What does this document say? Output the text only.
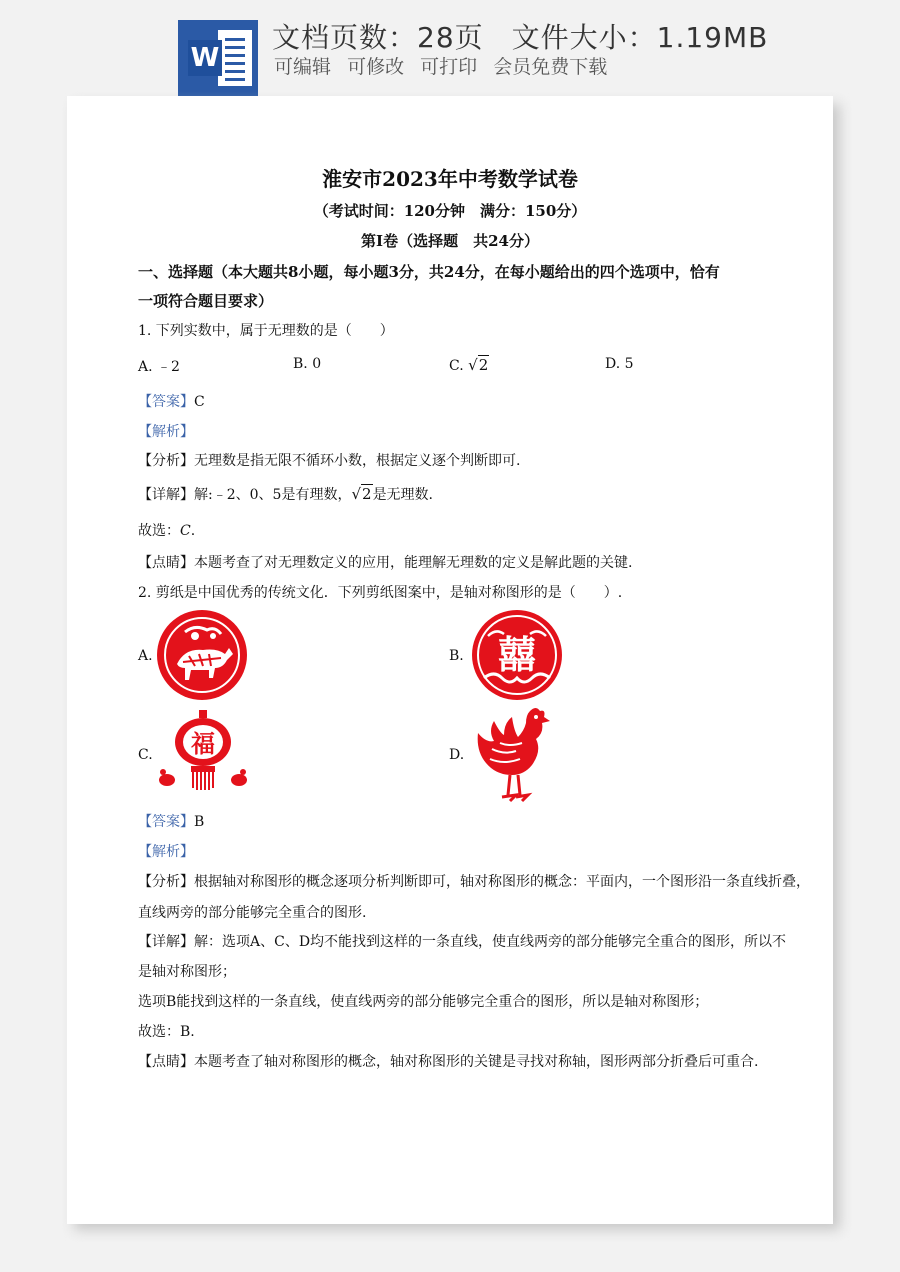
W
文档页数：28页 文件大小：1.19MB
可编辑 可修改 可打印 会员免费下载
淮安市2023年中考数学试卷
（考试时间：120分钟　满分：150分）
第Ⅰ卷（选择题　共24分）
一、选择题（本大题共8小题，每小题3分，共24分，在每小题给出的四个选项中，恰有
一项符合题目要求）
1. 下列实数中，属于无理数的是（　　）
A. ﹣2	B. 0	C. √2	D. 5
【答案】C
【解析】
【分析】无理数是指无限不循环小数，根据定义逐个判断即可.
【详解】解:﹣2、0、5是有理数，√2是无理数.
故选：C.
【点睛】本题考查了对无理数定义的应用，能理解无理数的定义是解此题的关键.
2. 剪纸是中国优秀的传统文化．下列剪纸图案中，是轴对称图形的是（　　）.
A.	B. 囍
C. 福	D.
【答案】B
【解析】
【分析】根据轴对称图形的概念逐项分析判断即可，轴对称图形的概念：平面内，一个图形沿一条直线折叠，
直线两旁的部分能够完全重合的图形.
【详解】解：选项A、C、D均不能找到这样的一条直线，使直线两旁的部分能够完全重合的图形，所以不
是轴对称图形；
选项B能找到这样的一条直线，使直线两旁的部分能够完全重合的图形，所以是轴对称图形；
故选：B.
【点睛】本题考查了轴对称图形的概念，轴对称图形的关键是寻找对称轴，图形两部分折叠后可重合.
